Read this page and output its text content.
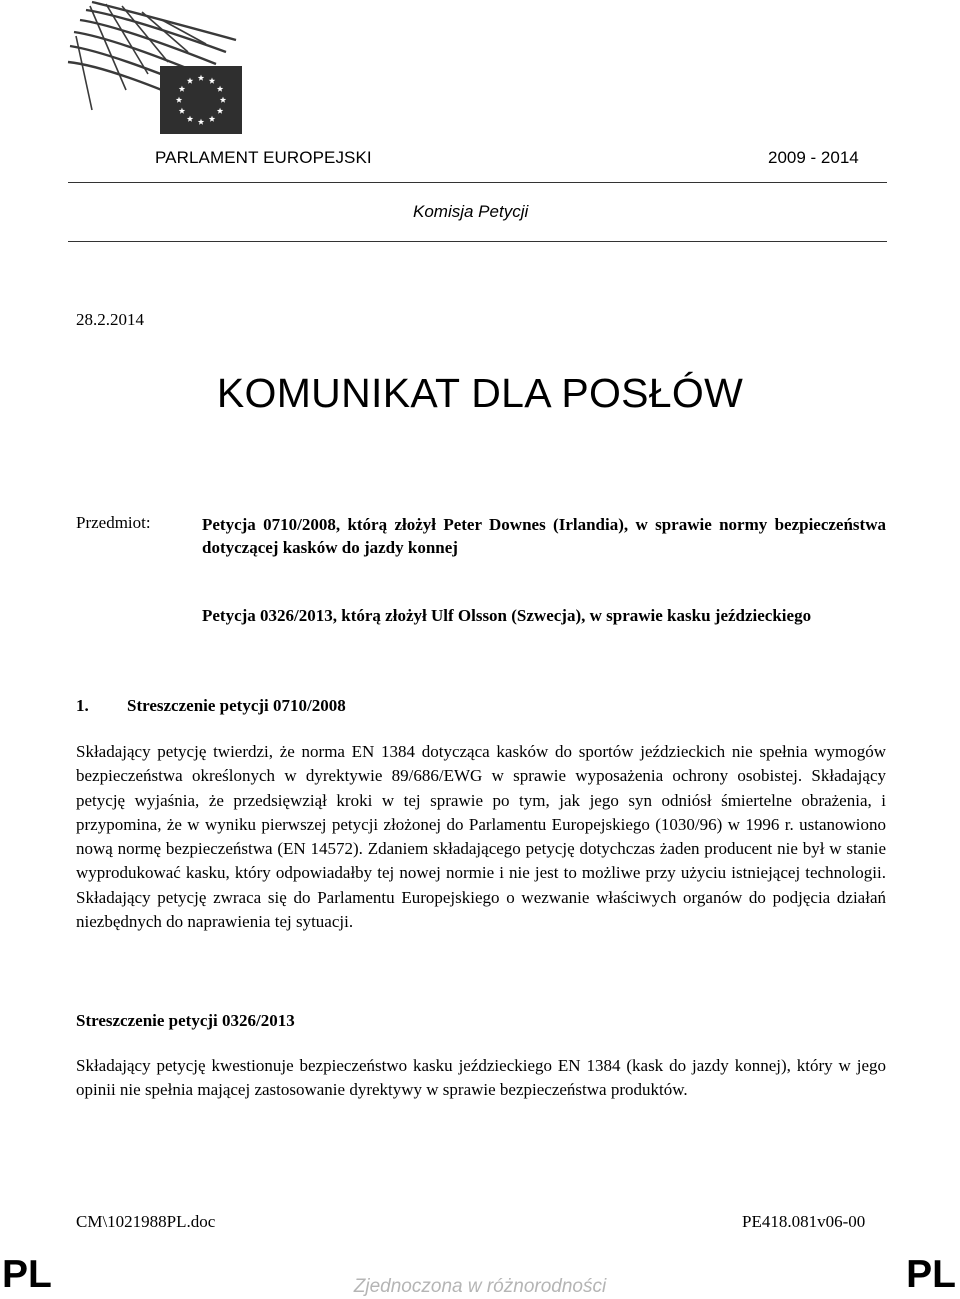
PARLAMENT EUROPEJSKI	2009 - 2014
Komisja Petycji
28.2.2014
KOMUNIKAT DLA POSŁÓW
Przedmiot:	Petycja 0710/2008, którą złożył Peter Downes (Irlandia), w sprawie normy bezpieczeństwa dotyczącej kasków do jazdy konnej
Petycja 0326/2013, którą złożył Ulf Olsson (Szwecja), w sprawie kasku jeździeckiego
1. Streszczenie petycji 0710/2008
Składający petycję twierdzi, że norma EN 1384 dotycząca kasków do sportów jeździeckich nie spełnia wymogów bezpieczeństwa określonych w dyrektywie 89/686/EWG w sprawie wyposażenia ochrony osobistej. Składający petycję wyjaśnia, że przedsięwziął kroki w tej sprawie po tym, jak jego syn odniósł śmiertelne obrażenia, i przypomina, że w wyniku pierwszej petycji złożonej do Parlamentu Europejskiego (1030/96) w 1996 r. ustanowiono nową normę bezpieczeństwa (EN 14572). Zdaniem składającego petycję dotychczas żaden producent nie był w stanie wyprodukować kasku, który odpowiadałby tej nowej normie i nie jest to możliwe przy użyciu istniejącej technologii. Składający petycję zwraca się do Parlamentu Europejskiego o wezwanie właściwych organów do podjęcia działań niezbędnych do naprawienia tej sytuacji.
Streszczenie petycji 0326/2013
Składający petycję kwestionuje bezpieczeństwo kasku jeździeckiego EN 1384 (kask do jazdy konnej), który w jego opinii nie spełnia mającej zastosowanie dyrektywy w sprawie bezpieczeństwa produktów.
CM\1021988PL.doc	PE418.081v06-00
PL	PL
Zjednoczona w różnorodności
